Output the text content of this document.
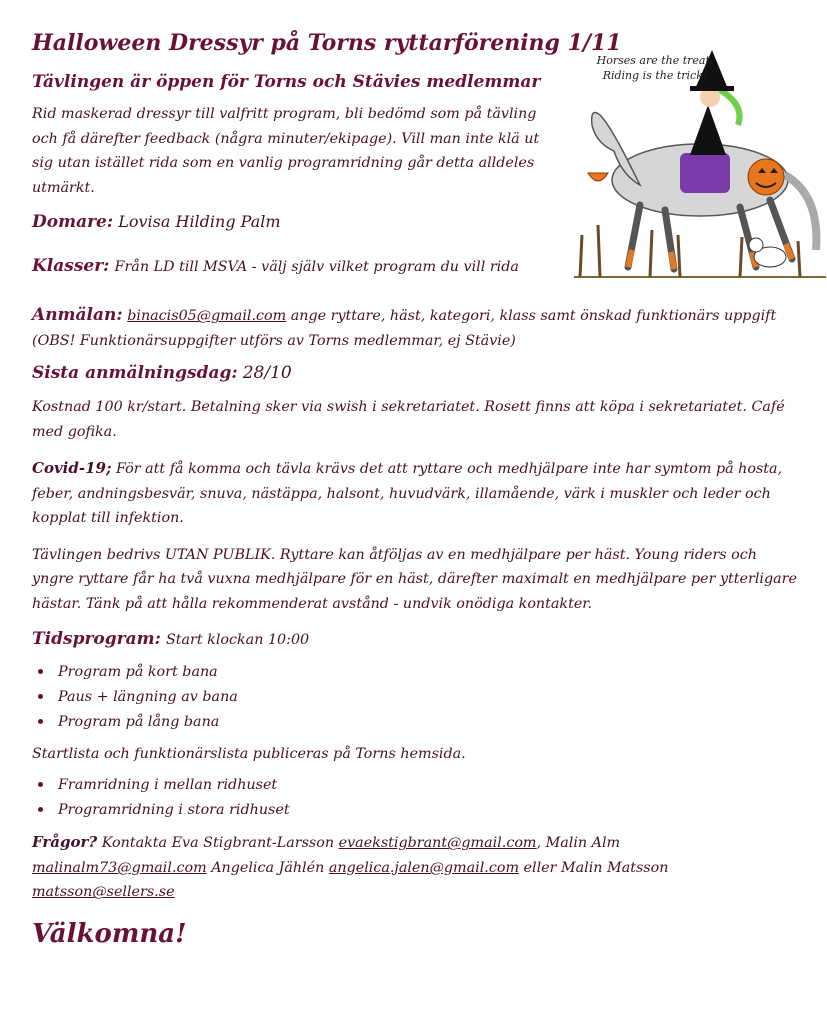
Horses are the treat.
Riding is the trick!
Halloween Dressyr på Torns ryttarförening 1/11
Tävlingen är öppen för Torns och Stävies medlemmar

Rid maskerad dressyr till valfritt program, bli bedömd som på tävling och få därefter feedback (några minuter/ekipage). Vill man inte klä ut sig utan istället rida som en vanlig programridning går detta alldeles utmärkt.

Domare: Lovisa Hilding Palm
Klasser: Från LD till MSVA - välj själv vilket program du vill rida

Anmälan: binacis05@gmail.com ange ryttare, häst, kategori, klass samt önskad funktionärs uppgift
(OBS! Funktionärsuppgifter utförs av Torns medlemmar, ej Stävie)

Sista anmälningsdag: 28/10

Kostnad 100 kr/start. Betalning sker via swish i sekretariatet. Rosett finns att köpa i sekretariatet. Café med gofika.

Covid-19; För att få komma och tävla krävs det att ryttare och medhjälpare inte har symtom på hosta, feber, andningsbesvär, snuva, nästäppa, halsont, huvudvärk, illamående, värk i muskler och leder och kopplat till infektion.

Tävlingen bedrivs UTAN PUBLIK. Ryttare kan åtföljas av en medhjälpare per häst. Young riders och yngre ryttare får ha två vuxna medhjälpare för en häst, därefter maximalt en medhjälpare per ytterligare hästar. Tänk på att hålla rekommenderat avstånd - undvik onödiga kontakter.

Tidsprogram: Start klockan 10:00
• Program på kort bana
• Paus + längning av bana
• Program på lång bana

Startlista och funktionärslista publiceras på Torns hemsida.

• Framridning i mellan ridhuset
• Programridning i stora ridhuset

Frågor? Kontakta Eva Stigbrant-Larsson evaekstigbrant@gmail.com, Malin Alm
malinalm73@gmail.com Angelica Jählén angelica.jalen@gmail.com eller Malin Matsson
matsson@sellers.se

Välkomna!
